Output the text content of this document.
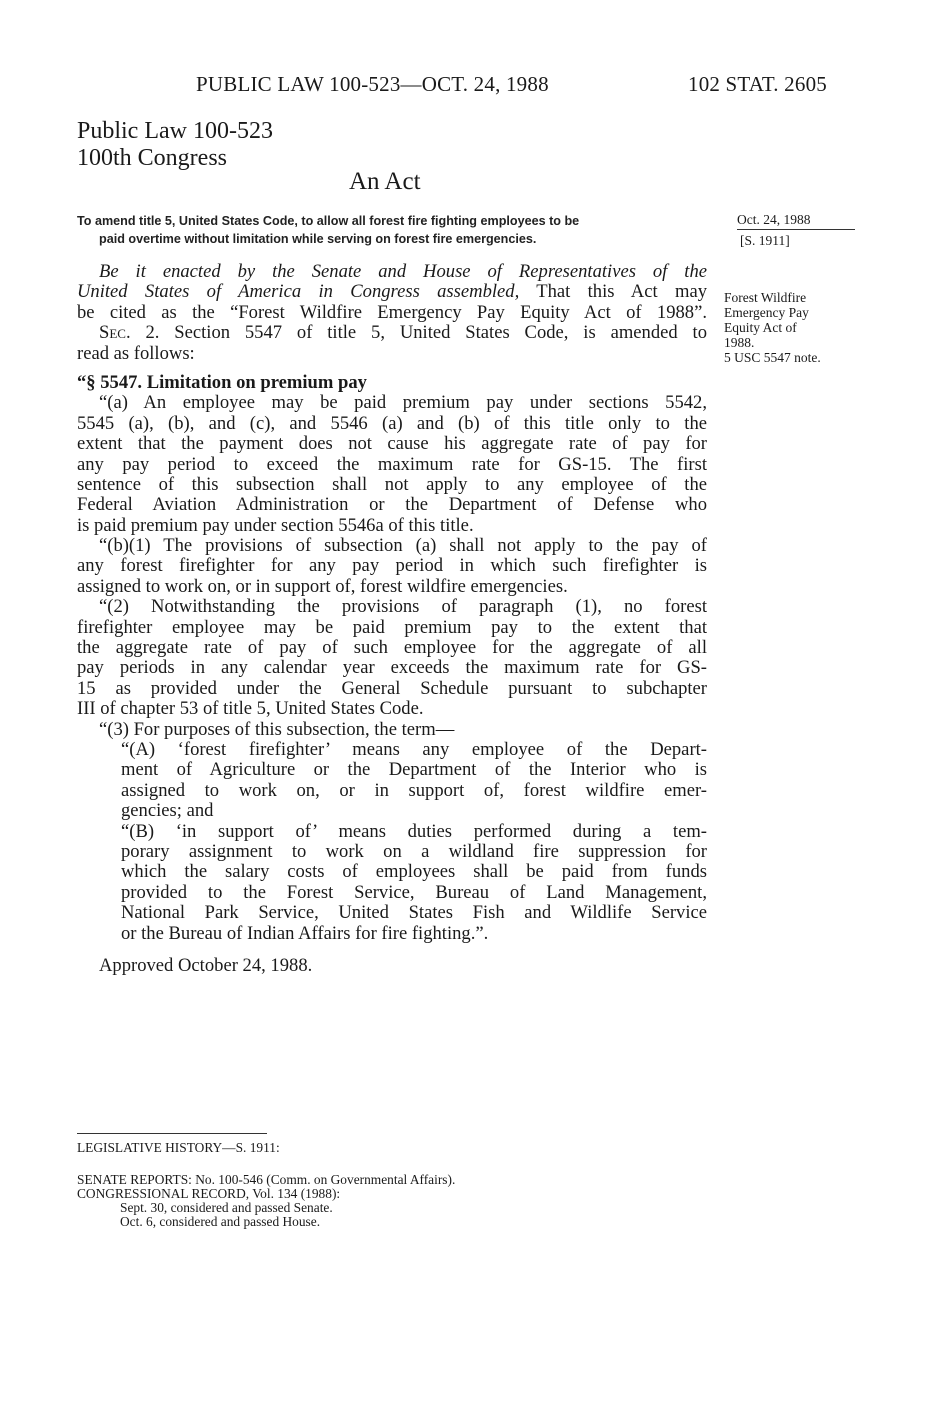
PUBLIC LAW 100-523—OCT. 24, 1988	102 STAT. 2605
Public Law 100-523
100th Congress
An Act
To amend title 5, United States Code, to allow all forest fire fighting employees to be
paid overtime without limitation while serving on forest fire emergencies.
Oct. 24, 1988
[S. 1911]
Forest Wildfire
Emergency Pay
Equity Act of
1988.
5 USC 5547 note.
Be it enacted by the Senate and House of Representatives of the
United States of America in Congress assembled, That this Act may
be cited as the “Forest Wildfire Emergency Pay Equity Act of 1988”.
Sec. 2. Section 5547 of title 5, United States Code, is amended to
read as follows:
“§ 5547. Limitation on premium pay
“(a) An employee may be paid premium pay under sections 5542,
5545 (a), (b), and (c), and 5546 (a) and (b) of this title only to the
extent that the payment does not cause his aggregate rate of pay for
any pay period to exceed the maximum rate for GS-15. The first
sentence of this subsection shall not apply to any employee of the
Federal Aviation Administration or the Department of Defense who
is paid premium pay under section 5546a of this title.
“(b)(1) The provisions of subsection (a) shall not apply to the pay of
any forest firefighter for any pay period in which such firefighter is
assigned to work on, or in support of, forest wildfire emergencies.
“(2) Notwithstanding the provisions of paragraph (1), no forest
firefighter employee may be paid premium pay to the extent that
the aggregate rate of pay of such employee for the aggregate of all
pay periods in any calendar year exceeds the maximum rate for GS-
15 as provided under the General Schedule pursuant to subchapter
III of chapter 53 of title 5, United States Code.
“(3) For purposes of this subsection, the term—
“(A) ‘forest firefighter’ means any employee of the Depart-
ment of Agriculture or the Department of the Interior who is
assigned to work on, or in support of, forest wildfire emer-
gencies; and
“(B) ‘in support of’ means duties performed during a tem-
porary assignment to work on a wildland fire suppression for
which the salary costs of employees shall be paid from funds
provided to the Forest Service, Bureau of Land Management,
National Park Service, United States Fish and Wildlife Service
or the Bureau of Indian Affairs for fire fighting.”.
Approved October 24, 1988.
LEGISLATIVE HISTORY—S. 1911:
SENATE REPORTS: No. 100-546 (Comm. on Governmental Affairs).
CONGRESSIONAL RECORD, Vol. 134 (1988):
Sept. 30, considered and passed Senate.
Oct. 6, considered and passed House.
